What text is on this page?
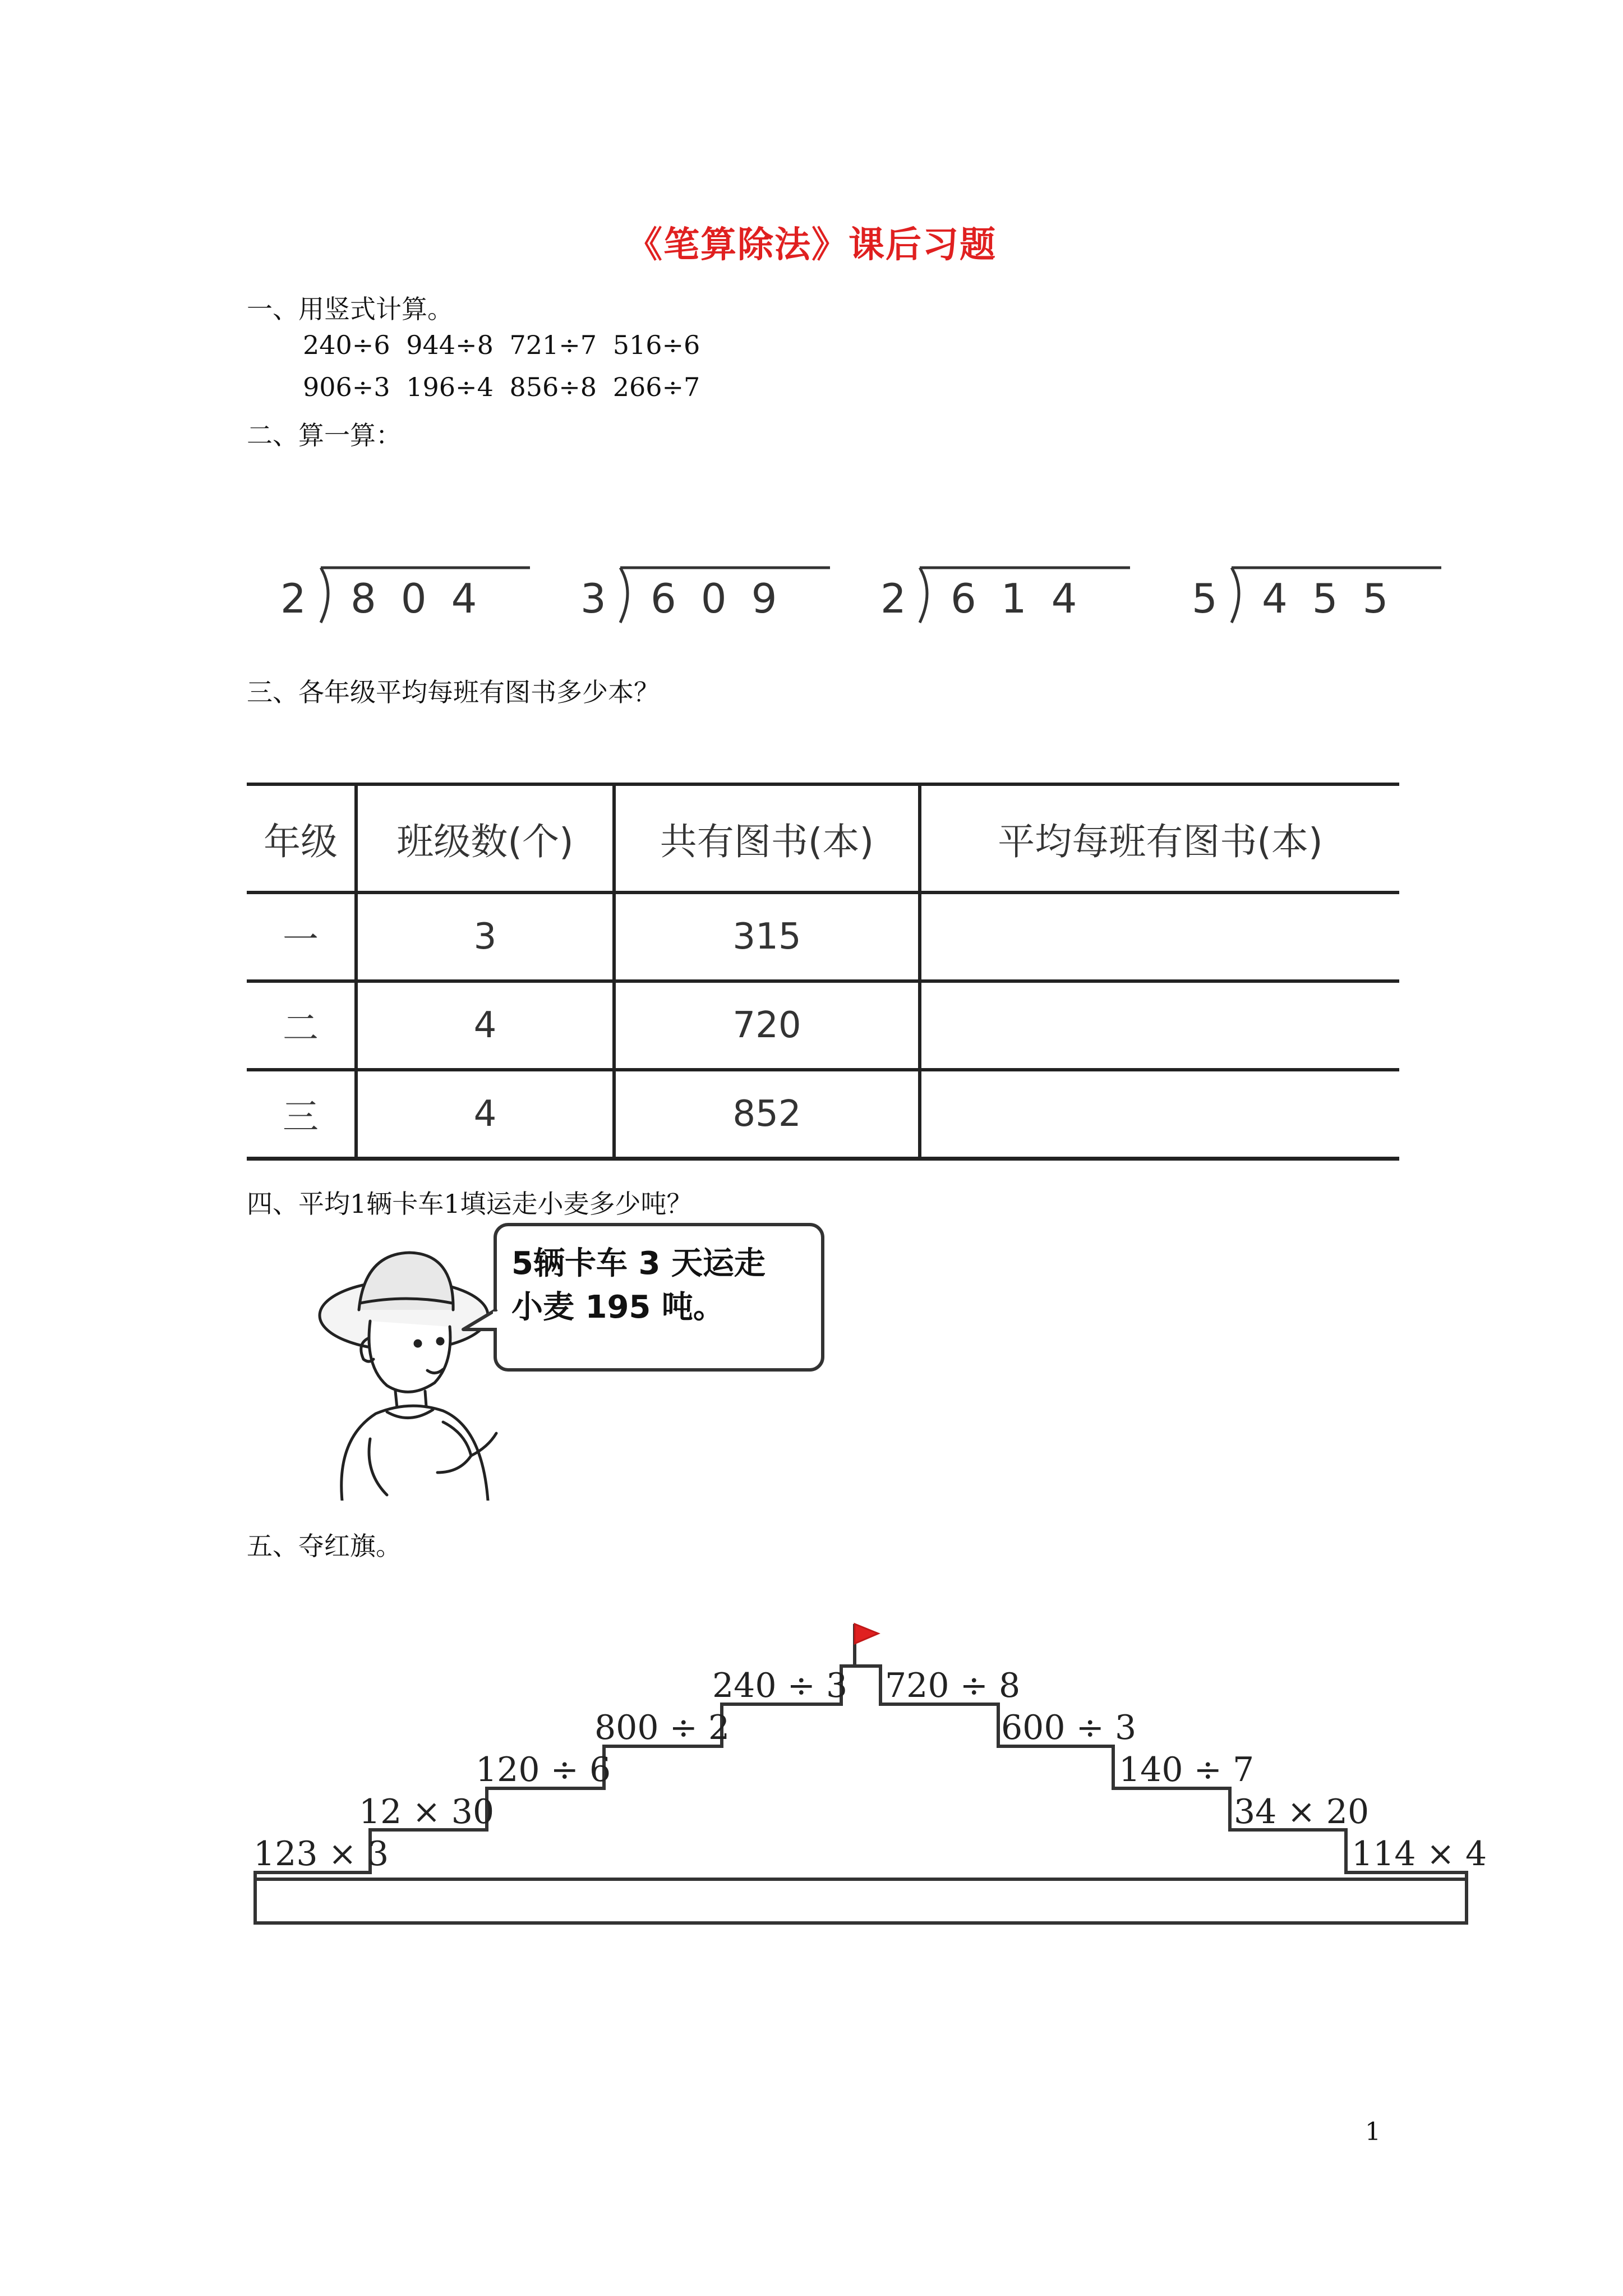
《笔算除法》课后习题
一、用竖式计算。
240÷6 944÷8 721÷7 516÷6
906÷3 196÷4 856÷8 266÷7
二、算一算：
2 804 3 609 2 614 5 455
三、各年级平均每班有图书多少本？
年级	班级数(个)	共有图书(本)	平均每班有图书(本)
一	3	315	
二	4	720	
三	4	852	
四、平均1辆卡车1填运走小麦多少吨？
5辆卡车 3 天运走
小麦 195 吨。
五、夺红旗。
123 × 3
12 × 30
120 ÷ 6
800 ÷ 2
240 ÷ 3 720 ÷ 8
600 ÷ 3
140 ÷ 7
34 × 20
114 × 4
1
